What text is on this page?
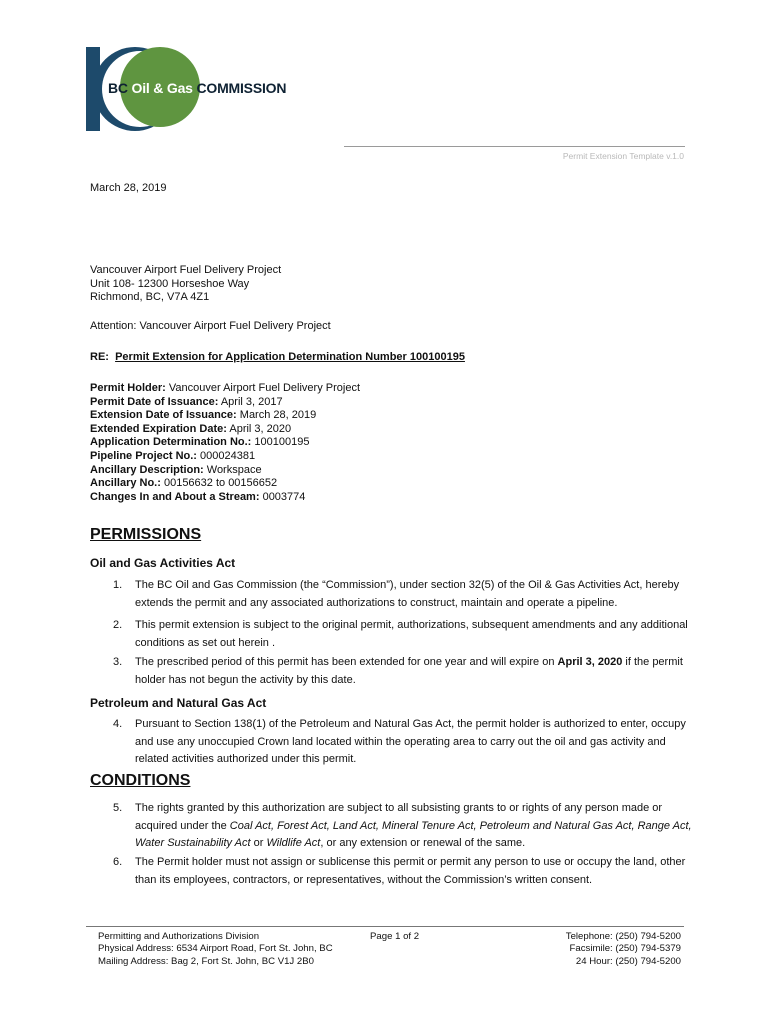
BC Oil & Gas COMMISSION
Permit Extension Template v.1.0
March 28, 2019
Vancouver Airport Fuel Delivery Project
Unit 108- 12300 Horseshoe Way
Richmond, BC, V7A 4Z1
Attention: Vancouver Airport Fuel Delivery Project
RE: Permit Extension for Application Determination Number 100100195
Permit Holder: Vancouver Airport Fuel Delivery Project
Permit Date of Issuance: April 3, 2017
Extension Date of Issuance: March 28, 2019
Extended Expiration Date: April 3, 2020
Application Determination No.: 100100195
Pipeline Project No.: 000024381
Ancillary Description: Workspace
Ancillary No.: 00156632 to 00156652
Changes In and About a Stream: 0003774
PERMISSIONS
Oil and Gas Activities Act
1. The BC Oil and Gas Commission (the “Commission”), under section 32(5) of the Oil & Gas Activities Act, hereby extends the permit and any associated authorizations to construct, maintain and operate a pipeline.
2. This permit extension is subject to the original permit, authorizations, subsequent amendments and any additional conditions as set out herein .
3. The prescribed period of this permit has been extended for one year and will expire on April 3, 2020 if the permit holder has not begun the activity by this date.
Petroleum and Natural Gas Act
4. Pursuant to Section 138(1) of the Petroleum and Natural Gas Act, the permit holder is authorized to enter, occupy and use any unoccupied Crown land located within the operating area to carry out the oil and gas activity and related activities authorized under this permit.
CONDITIONS
5. The rights granted by this authorization are subject to all subsisting grants to or rights of any person made or acquired under the Coal Act, Forest Act, Land Act, Mineral Tenure Act, Petroleum and Natural Gas Act, Range Act, Water Sustainability Act or Wildlife Act, or any extension or renewal of the same.
6. The Permit holder must not assign or sublicense this permit or permit any person to use or occupy the land, other than its employees, contractors, or representatives, without the Commission’s written consent.
Permitting and Authorizations Division
Physical Address: 6534 Airport Road, Fort St. John, BC
Mailing Address: Bag 2, Fort St. John, BC V1J 2B0
Page 1 of 2	Telephone: (250) 794-5200
Facsimile: (250) 794-5379
24 Hour: (250) 794-5200
